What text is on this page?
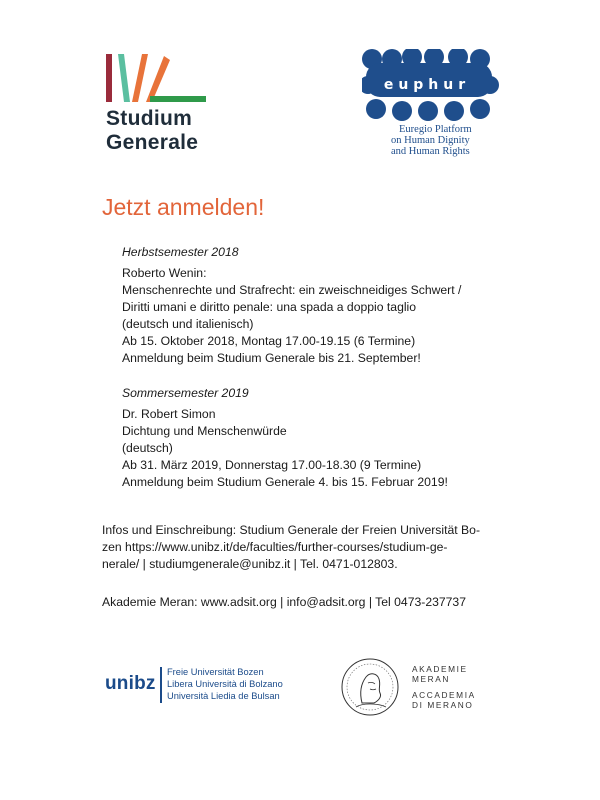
Studium
Generale
euphur
Euregio Platform
on Human Dignity
and Human Rights
Jetzt anmelden!
Herbstsemester 2018
Roberto Wenin:
Menschenrechte und Strafrecht: ein zweischneidiges Schwert /
Diritti umani e diritto penale: una spada a doppio taglio
(deutsch und italienisch)
Ab 15. Oktober 2018, Montag 17.00-19.15 (6 Termine)
Anmeldung beim Studium Generale bis 21. September!
Sommersemester 2019
Dr. Robert Simon
Dichtung und Menschenwürde
(deutsch)
Ab 31. März 2019, Donnerstag 17.00-18.30 (9 Termine)
Anmeldung beim Studium Generale 4. bis 15. Februar 2019!
Infos und Einschreibung: Studium Generale der Freien Universität Bo-
zen https://www.unibz.it/de/faculties/further-courses/studium-ge-
nerale/ | studiumgenerale@unibz.it | Tel. 0471-012803.
Akademie Meran: www.adsit.org | info@adsit.org | Tel 0473-237737
unibz
Freie Universität Bozen
Libera Università di Bolzano
Università Liedia de Bulsan
AKADEMIE
MERAN
ACCADEMIA
DI MERANO
